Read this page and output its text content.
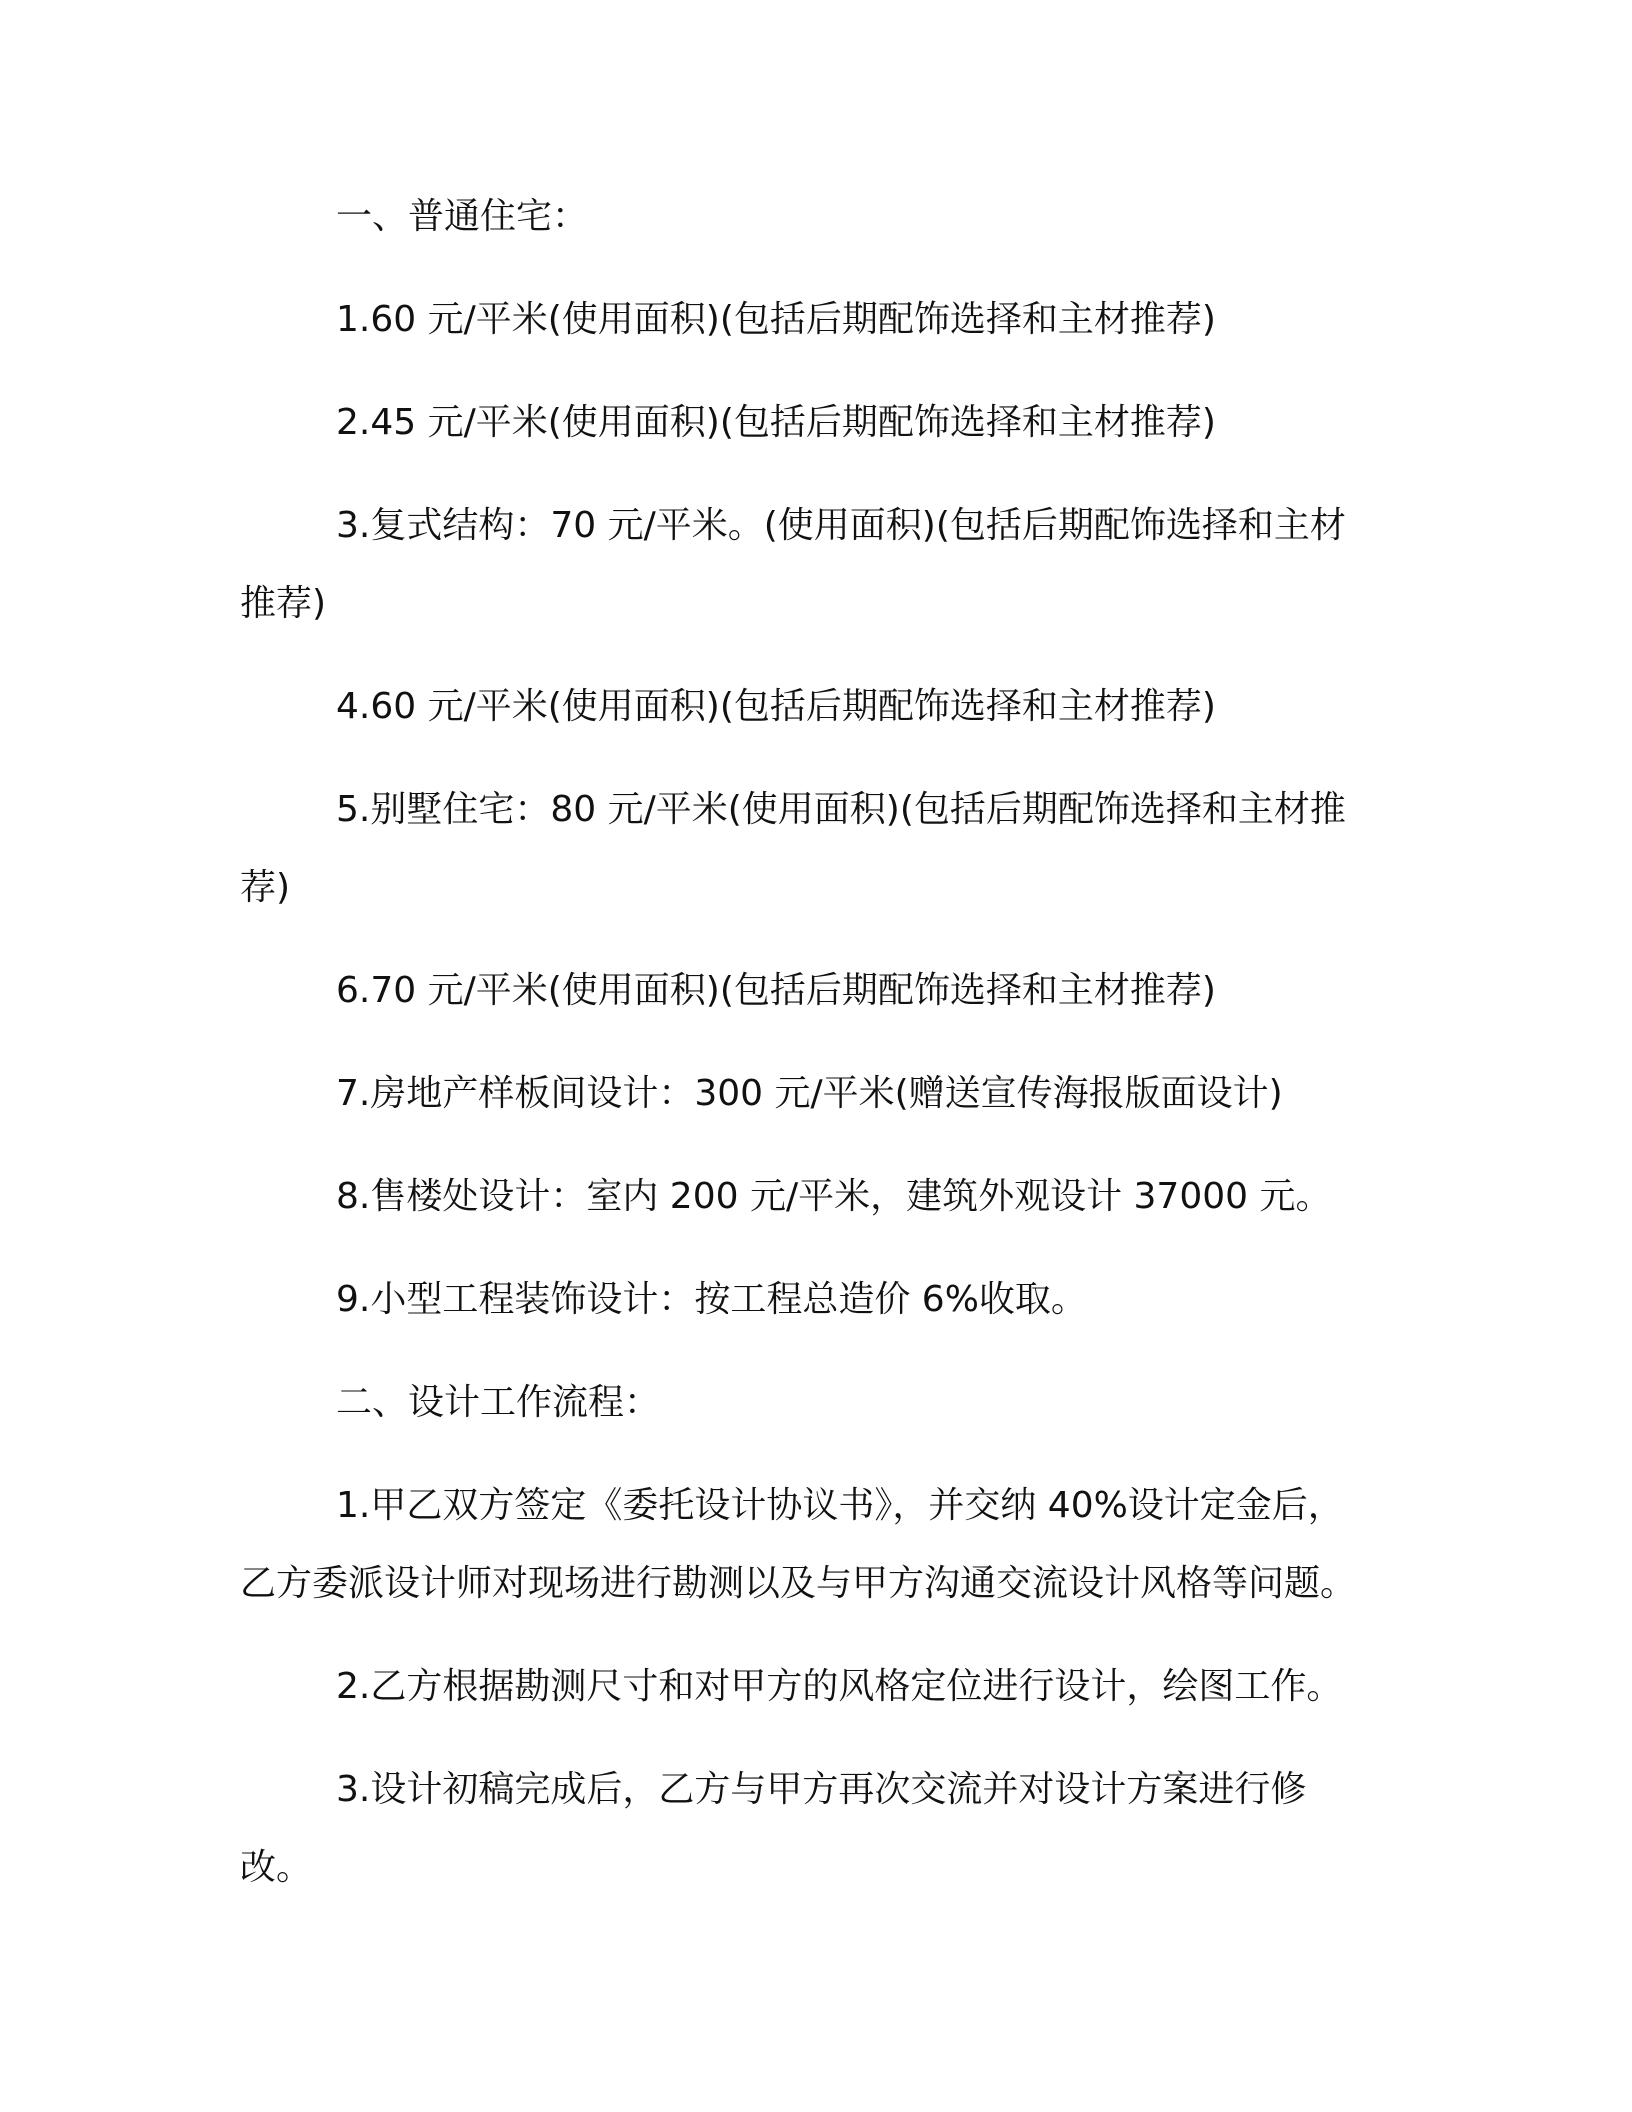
一、普通住宅：

1.60 元/平米(使用面积)(包括后期配饰选择和主材推荐)

2.45 元/平米(使用面积)(包括后期配饰选择和主材推荐)

3.复式结构：70 元/平米。(使用面积)(包括后期配饰选择和主材推荐)

4.60 元/平米(使用面积)(包括后期配饰选择和主材推荐)

5.别墅住宅：80 元/平米(使用面积)(包括后期配饰选择和主材推荐)

6.70 元/平米(使用面积)(包括后期配饰选择和主材推荐)

7.房地产样板间设计：300 元/平米(赠送宣传海报版面设计)

8.售楼处设计：室内 200 元/平米，建筑外观设计 37000 元。

9.小型工程装饰设计：按工程总造价 6%收取。

二、设计工作流程：

1.甲乙双方签定《委托设计协议书》，并交纳 40%设计定金后，乙方委派设计师对现场进行勘测以及与甲方沟通交流设计风格等问题。

2.乙方根据勘测尺寸和对甲方的风格定位进行设计，绘图工作。

3.设计初稿完成后，乙方与甲方再次交流并对设计方案进行修改。
